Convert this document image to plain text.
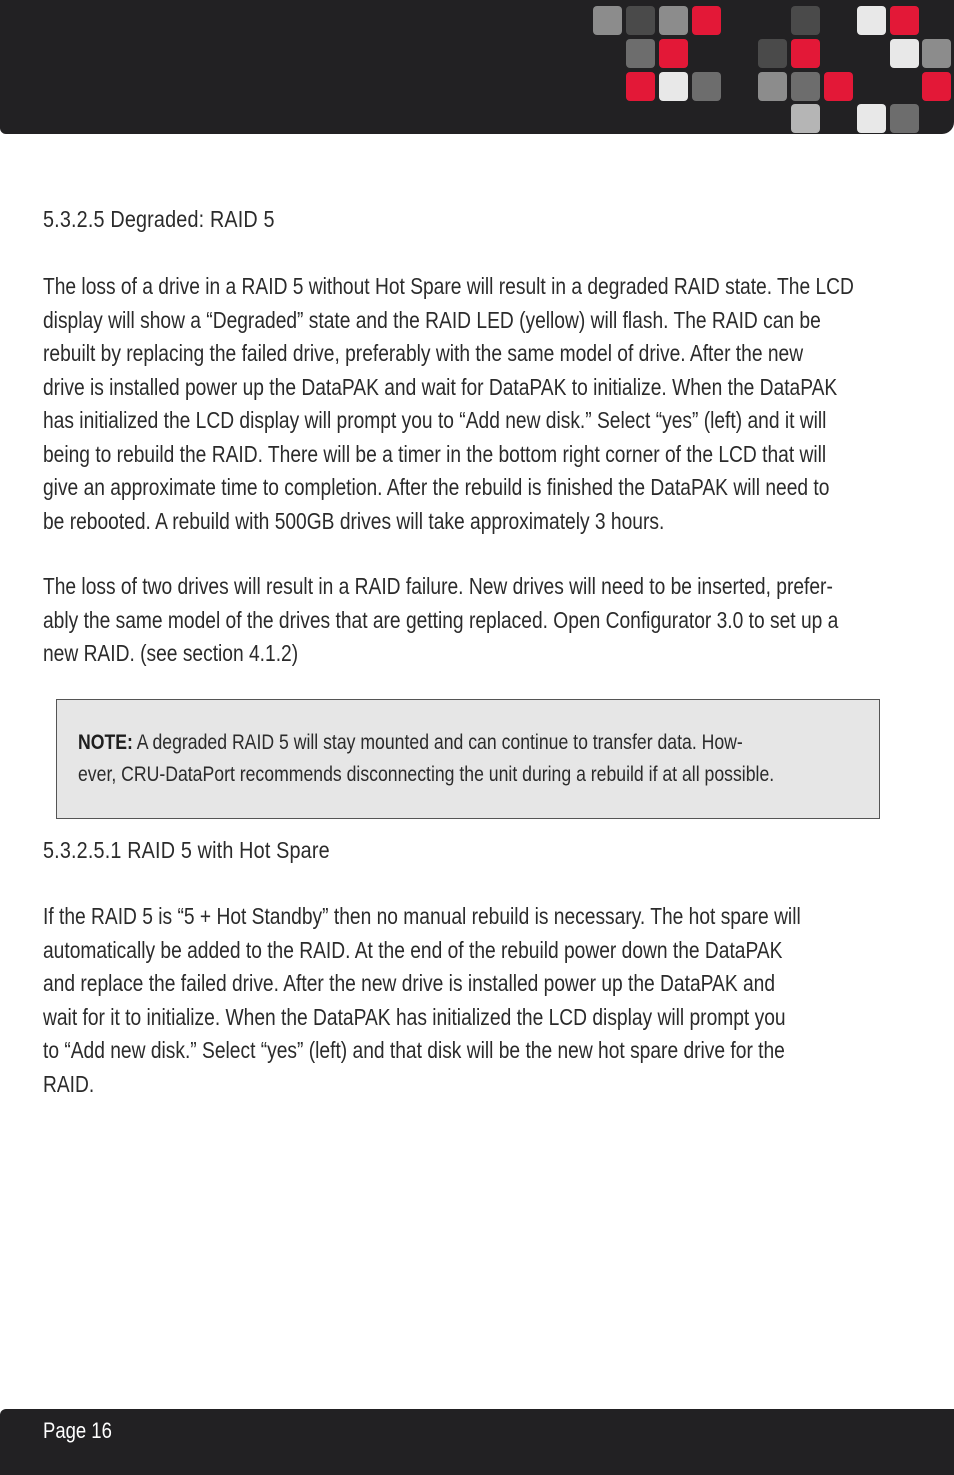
5.3.2.5 Degraded: RAID 5
The loss of a drive in a RAID 5 without Hot Spare will result in a degraded RAID state. The LCD
display will show a “Degraded” state and the RAID LED (yellow) will flash. The RAID can be
rebuilt by replacing the failed drive, preferably with the same model of drive. After the new
drive is installed power up the DataPAK and wait for DataPAK to initialize. When the DataPAK
has initialized the LCD display will prompt you to “Add new disk.” Select “yes” (left) and it will
being to rebuild the RAID. There will be a timer in the bottom right corner of the LCD that will
give an approximate time to completion. After the rebuild is finished the DataPAK will need to
be rebooted. A rebuild with 500GB drives will take approximately 3 hours.
The loss of two drives will result in a RAID failure. New drives will need to be inserted, prefer-
ably the same model of the drives that are getting replaced. Open Configurator 3.0 to set up a
new RAID. (see section 4.1.2)
NOTE: A degraded RAID 5 will stay mounted and can continue to transfer data. How-
ever, CRU-DataPort recommends disconnecting the unit during a rebuild if at all possible.
5.3.2.5.1 RAID 5 with Hot Spare
If the RAID 5 is “5 + Hot Standby” then no manual rebuild is necessary. The hot spare will
automatically be added to the RAID. At the end of the rebuild power down the DataPAK
and replace the failed drive. After the new drive is installed power up the DataPAK and
wait for it to initialize. When the DataPAK has initialized the LCD display will prompt you
to “Add new disk.” Select “yes” (left) and that disk will be the new hot spare drive for the
RAID.
Page 16
